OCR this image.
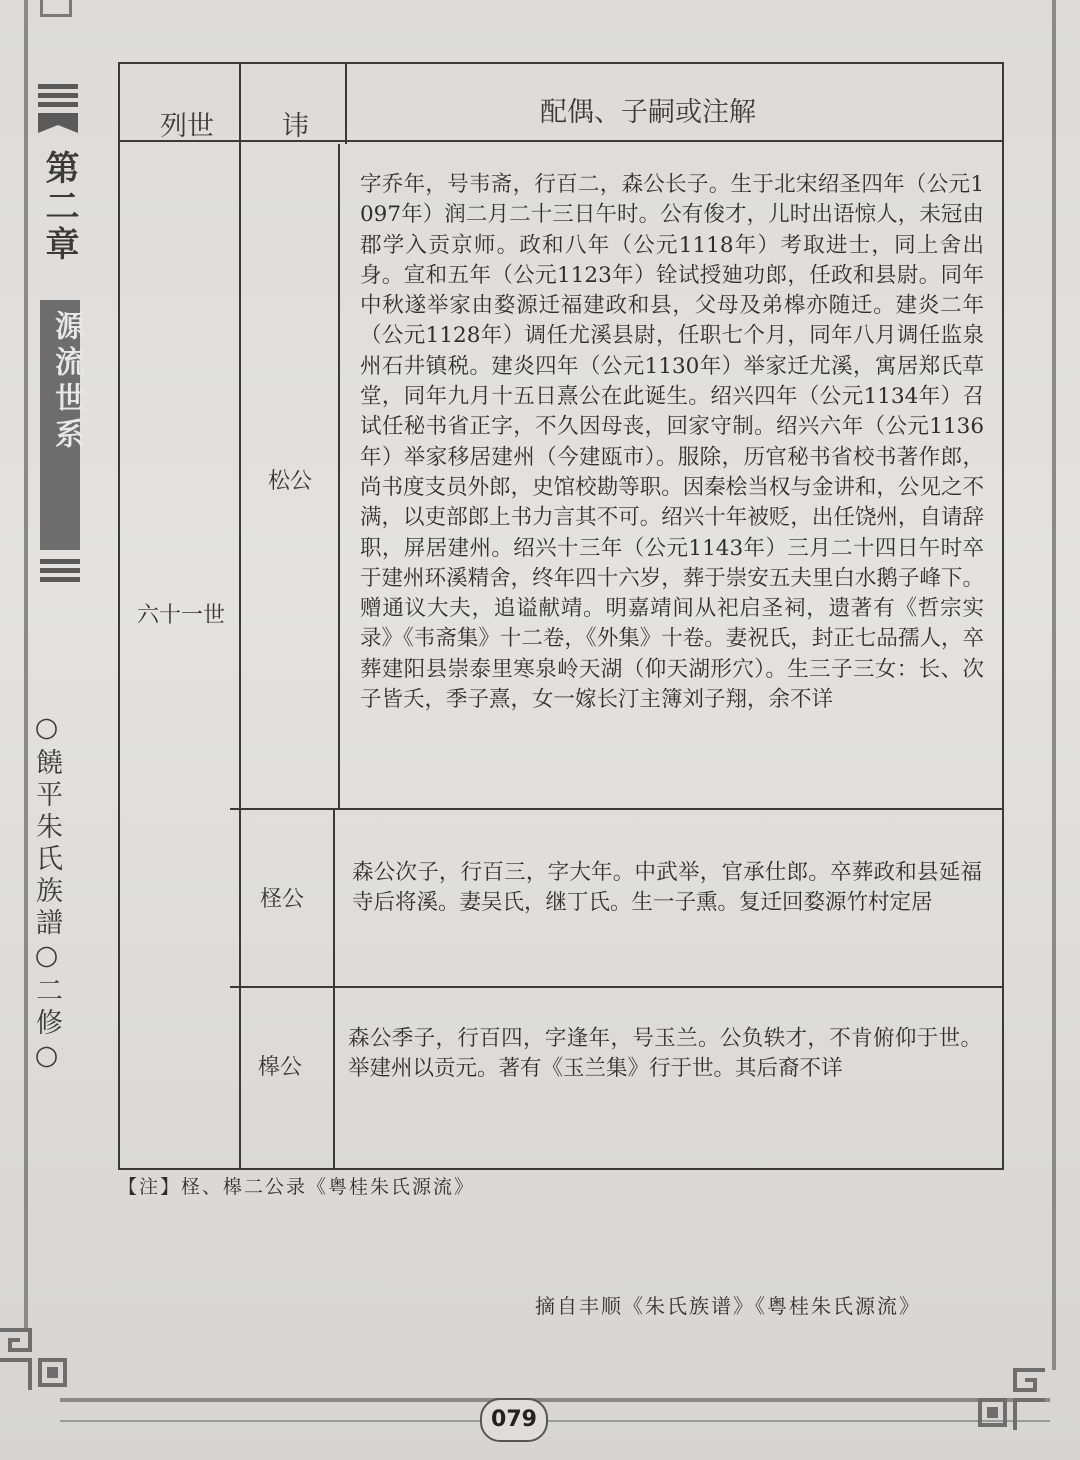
第二章
源流世系
○饒平朱氏族譜○二修○
列世	讳	配偶、子嗣或注解
六十一世
松公
字乔年，号韦斋，行百二，森公长子。生于北宋绍圣四年（公元1097年）润二月二十三日午时。公有俊才，儿时出语惊人，未冠由郡学入贡京师。政和八年（公元1118年）考取进士，同上舍出身。宣和五年（公元1123年）铨试授廸功郎，任政和县尉。同年中秋遂举家由婺源迁福建政和县，父母及弟槔亦随迁。建炎二年（公元1128年）调任尤溪县尉，任职七个月，同年八月调任监泉州石井镇税。建炎四年（公元1130年）举家迁尤溪，寓居郑氏草堂，同年九月十五日熹公在此诞生。绍兴四年（公元1134年）召试任秘书省正字，不久因母丧，回家守制。绍兴六年（公元1136年）举家移居建州（今建瓯市）。服除，历官秘书省校书著作郎，尚书度支员外郎，史馆校勘等职。因秦桧当权与金讲和，公见之不满，以吏部郎上书力言其不可。绍兴十年被贬，出任饶州，自请辞职，屏居建州。绍兴十三年（公元1143年）三月二十四日午时卒于建州环溪精舍，终年四十六岁，葬于崇安五夫里白水鹅子峰下。赠通议大夫，追谥献靖。明嘉靖间从祀启圣祠，遗著有《哲宗实录》《韦斋集》十二卷，《外集》十卷。妻祝氏，封正七品孺人，卒葬建阳县崇泰里寒泉岭天湖（仰天湖形穴）。生三子三女：长、次子皆夭，季子熹，女一嫁长汀主簿刘子翔，余不详
柽公
森公次子，行百三，字大年。中武举，官承仕郎。卒葬政和县延福寺后将溪。妻吴氏，继丁氏。生一子熏。复迁回婺源竹村定居
槔公
森公季子，行百四，字逢年，号玉兰。公负轶才，不肯俯仰于世。举建州以贡元。著有《玉兰集》行于世。其后裔不详
【注】柽、槔二公录《粤桂朱氏源流》
摘自丰顺《朱氏族谱》《粤桂朱氏源流》
079
